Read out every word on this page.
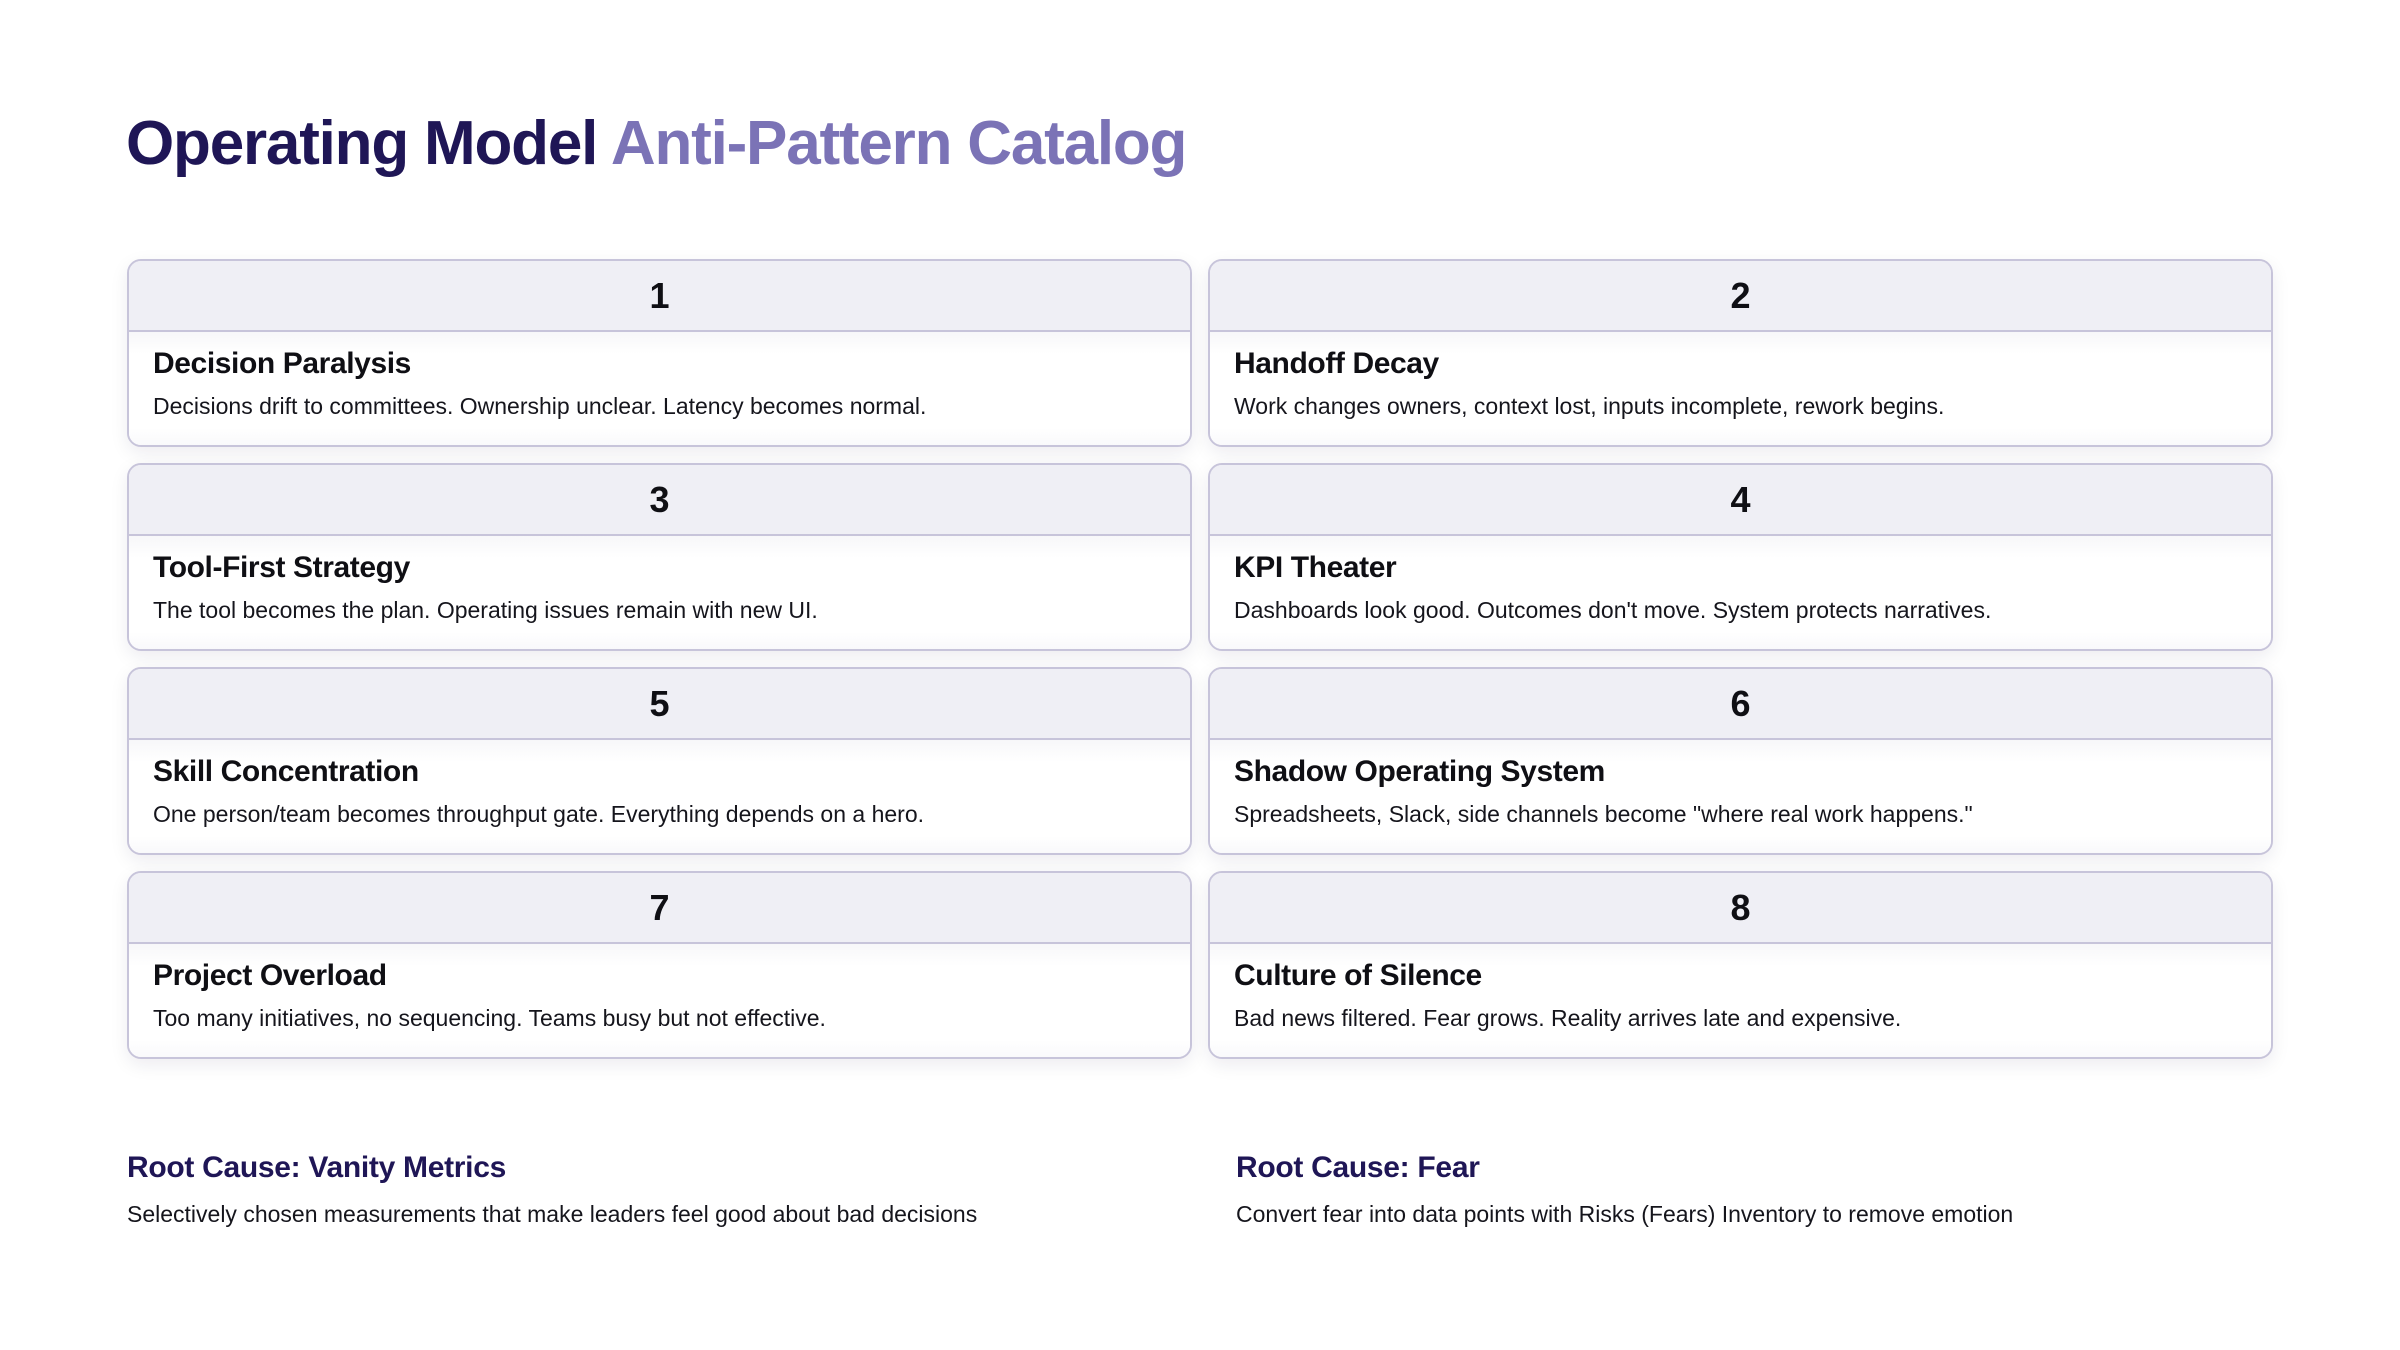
Operating Model Anti-Pattern Catalog
1
Decision Paralysis
Decisions drift to committees. Ownership unclear. Latency becomes normal.
2
Handoff Decay
Work changes owners, context lost, inputs incomplete, rework begins.
3
Tool-First Strategy
The tool becomes the plan. Operating issues remain with new UI.
4
KPI Theater
Dashboards look good. Outcomes don't move. System protects narratives.
5
Skill Concentration
One person/team becomes throughput gate. Everything depends on a hero.
6
Shadow Operating System
Spreadsheets, Slack, side channels become "where real work happens."
7
Project Overload
Too many initiatives, no sequencing. Teams busy but not effective.
8
Culture of Silence
Bad news filtered. Fear grows. Reality arrives late and expensive.
Root Cause: Vanity Metrics
Selectively chosen measurements that make leaders feel good about bad decisions
Root Cause: Fear
Convert fear into data points with Risks (Fears) Inventory to remove emotion
